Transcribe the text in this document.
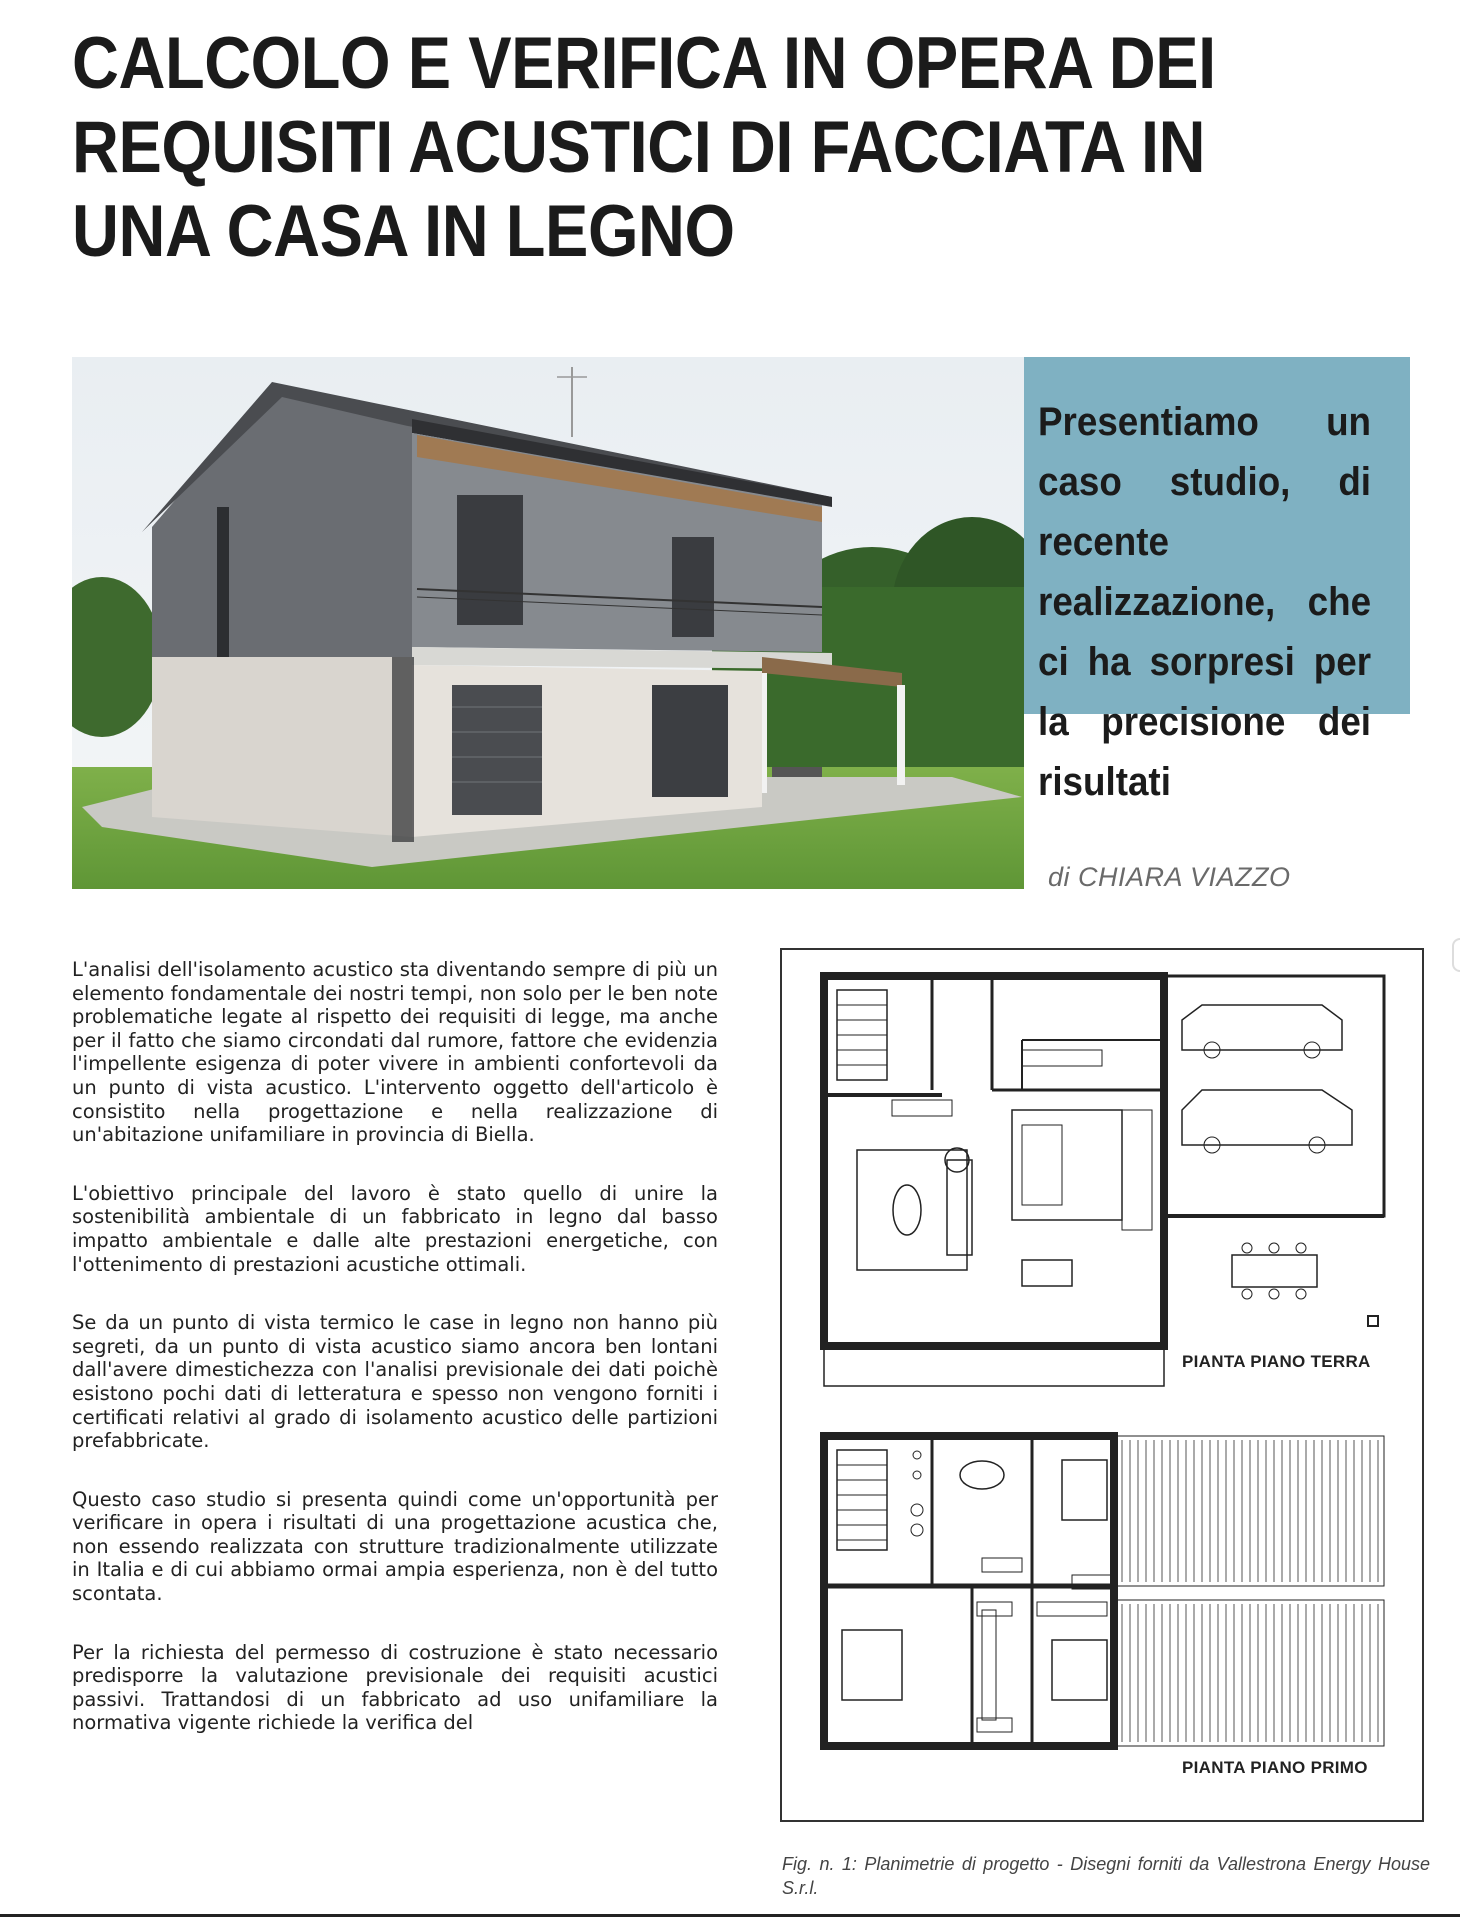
CALCOLO E VERIFICA IN OPERA DEI
REQUISITI ACUSTICI DI FACCIATA IN
UNA CASA IN LEGNO

Presentiamo un caso studio, di recente realizzazione, che ci ha sorpresi per la precisione dei risultati

di CHIARA VIAZZO

L'analisi dell'isolamento acustico sta diventando sempre di più un elemento fondamentale dei nostri tempi, non solo per le ben note problematiche legate al rispetto dei requisiti di legge, ma anche per il fatto che siamo circondati dal rumore, fattore che evidenzia l'impellente esigenza di poter vivere in ambienti confortevoli da un punto di vista acustico. L'intervento oggetto dell'articolo è consistito nella progettazione e nella realizzazione di un'abitazione unifamiliare in provincia di Biella.

L'obiettivo principale del lavoro è stato quello di unire la sostenibilità ambientale di un fabbricato in legno dal basso impatto ambientale e dalle alte prestazioni energetiche, con l'ottenimento di prestazioni acustiche ottimali.

Se da un punto di vista termico le case in legno non hanno più segreti, da un punto di vista acustico siamo ancora ben lontani dall'avere dimestichezza con l'analisi previsionale dei dati poichè esistono pochi dati di letteratura e spesso non vengono forniti i certificati relativi al grado di isolamento acustico delle partizioni prefabbricate.

Questo caso studio si presenta quindi come un'opportunità per verificare in opera i risultati di una progettazione acustica che, non essendo realizzata con strutture tradizionalmente utilizzate in Italia e di cui abbiamo ormai ampia esperienza, non è del tutto scontata.

Per la richiesta del permesso di costruzione è stato necessario predisporre la valutazione previsionale dei requisiti acustici passivi. Trattandosi di un fabbricato ad uso unifamiliare la normativa vigente richiede la verifica del

PIANTA PIANO TERRA
PIANTA PIANO PRIMO
Fig. n. 1: Planimetrie di progetto - Disegni forniti da Vallestrona Energy House S.r.l.
